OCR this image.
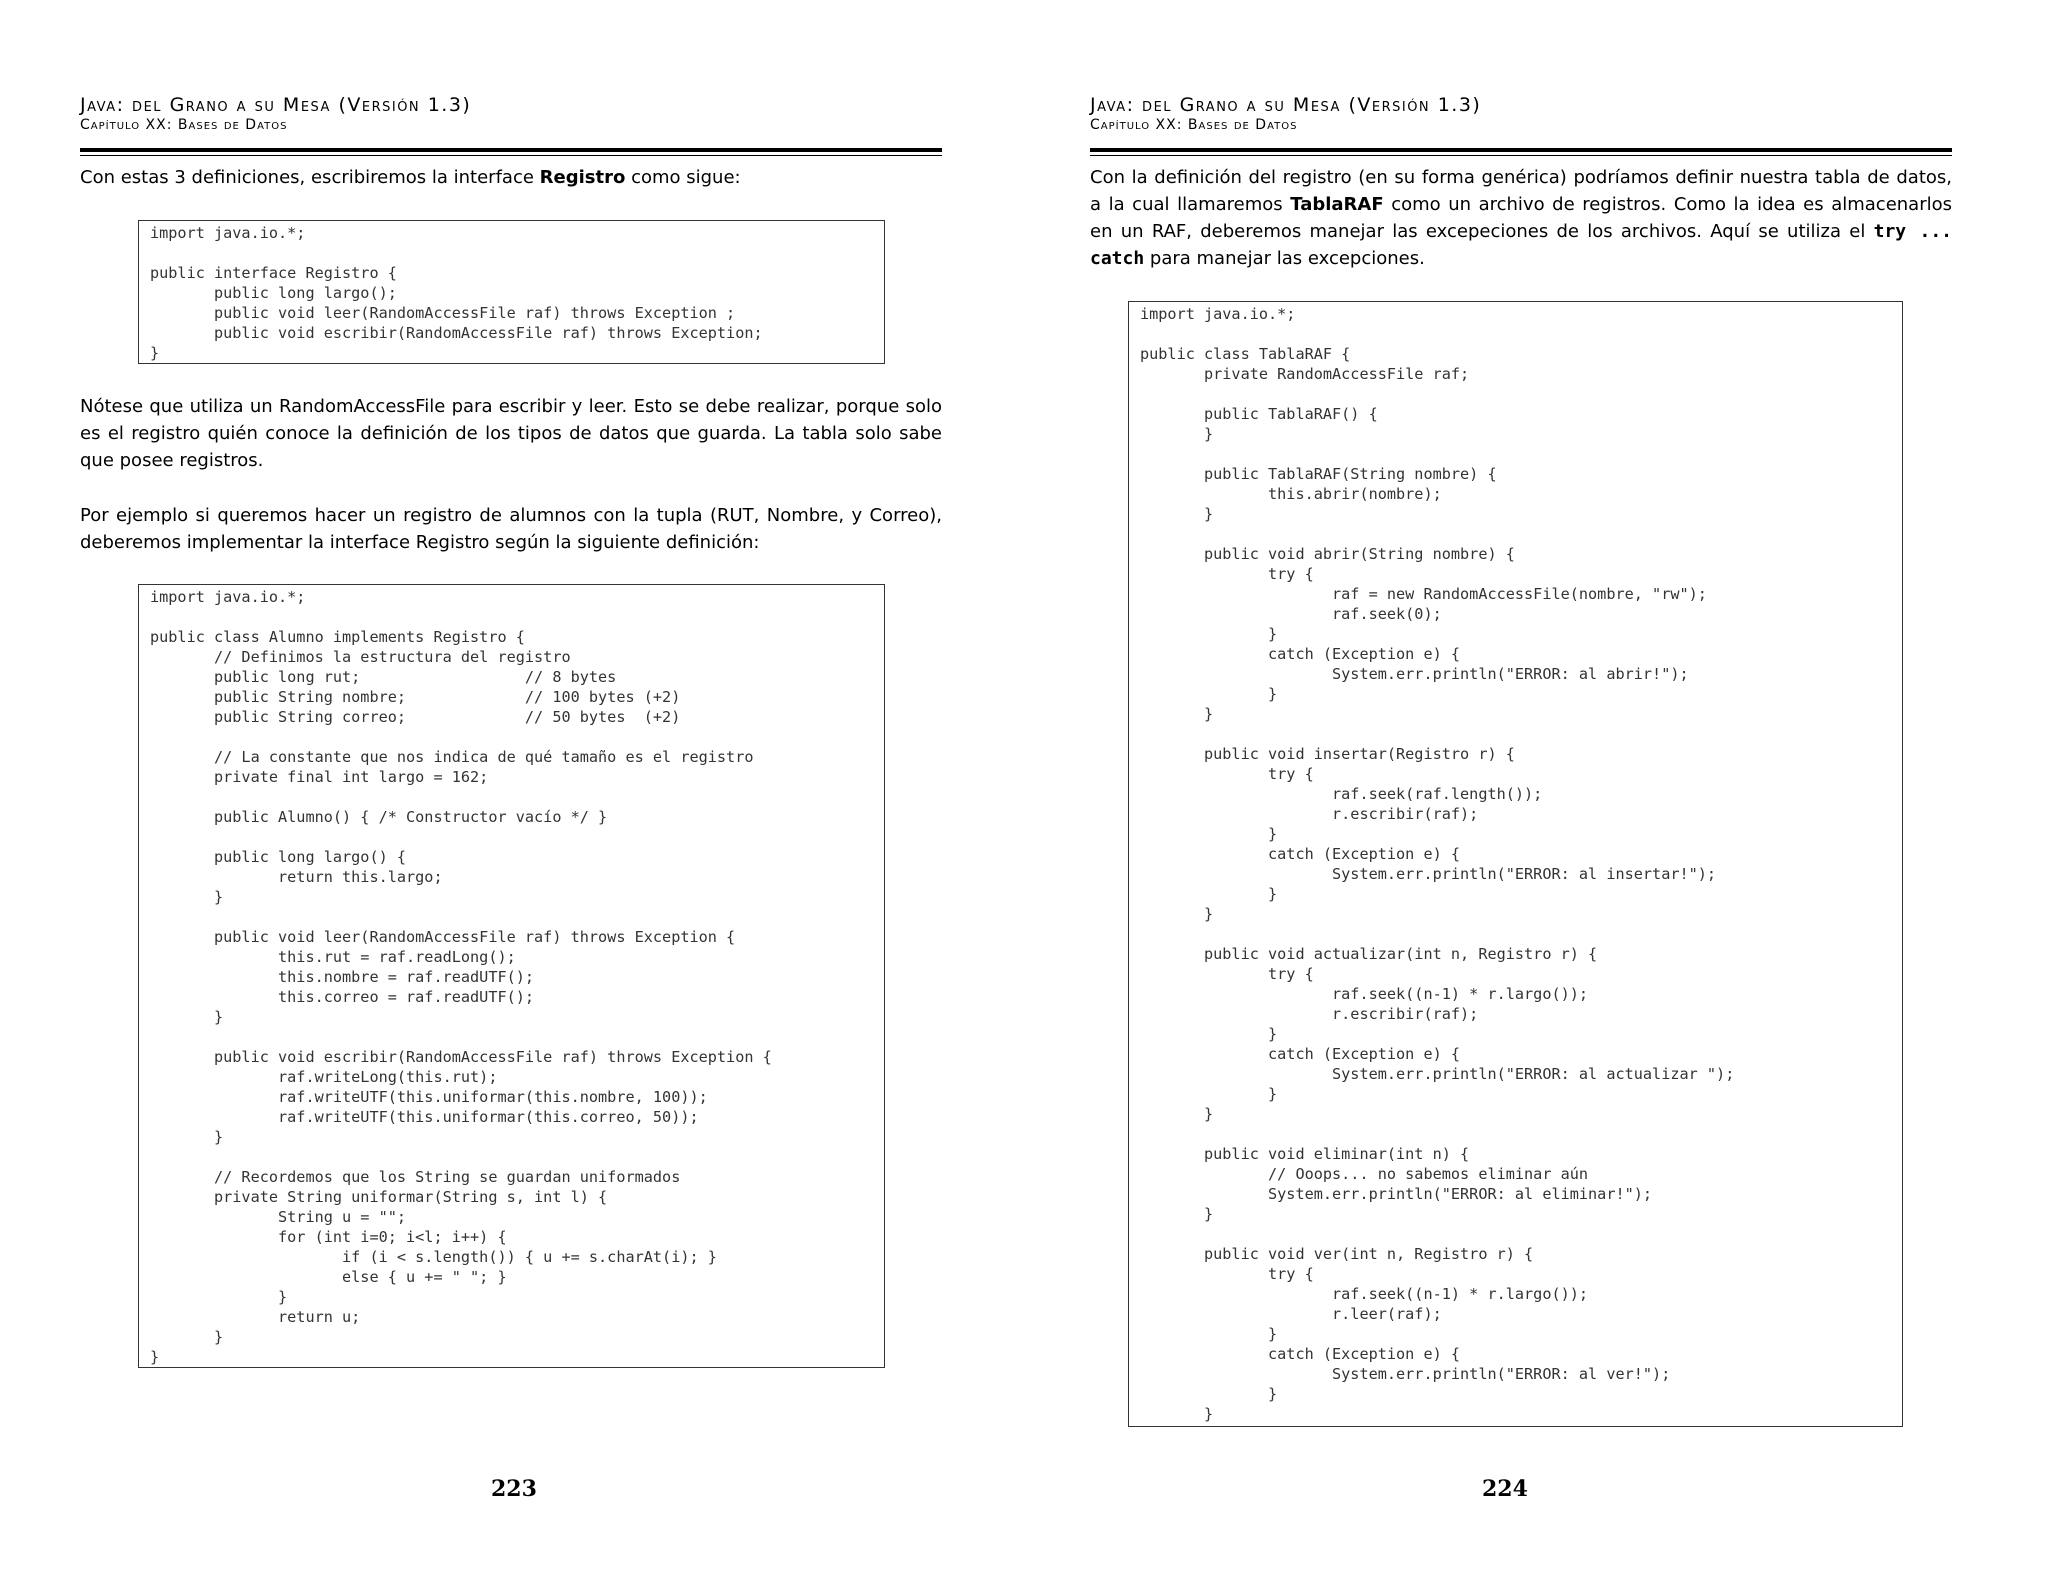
Java: del Grano a su Mesa (Versión 1.3)
Capítulo XX: Bases de Datos
Con estas 3 definiciones, escribiremos la interface Registro como sigue:
import java.io.*;

public interface Registro {
public long largo();
public void leer(RandomAccessFile raf) throws Exception ;
public void escribir(RandomAccessFile raf) throws Exception;
}
Nótese que utiliza un RandomAccessFile para escribir y leer. Esto se debe realizar, porque solo es el registro quién conoce la definición de los tipos de datos que guarda. La tabla solo sabe que posee registros.
Por ejemplo si queremos hacer un registro de alumnos con la tupla (RUT, Nombre, y Correo), deberemos implementar la interface Registro según la siguiente definición:
import java.io.*;

public class Alumno implements Registro {
// Definimos la estructura del registro
public long rut;                  // 8 bytes
public String nombre;             // 100 bytes (+2)
public String correo;             // 50 bytes  (+2)

// La constante que nos indica de qué tamaño es el registro
private final int largo = 162;

public Alumno() { /* Constructor vacío */ }

public long largo() {
return this.largo;
}

public void leer(RandomAccessFile raf) throws Exception {
this.rut = raf.readLong();
this.nombre = raf.readUTF();
this.correo = raf.readUTF();
}

public void escribir(RandomAccessFile raf) throws Exception {
raf.writeLong(this.rut);
raf.writeUTF(this.uniformar(this.nombre, 100));
raf.writeUTF(this.uniformar(this.correo, 50));
}

// Recordemos que los String se guardan uniformados
private String uniformar(String s, int l) {
String u = "";
for (int i=0; i<l; i++) {
if (i < s.length()) { u += s.charAt(i); }
else { u += " "; }
}
return u;
}
}
223
Java: del Grano a su Mesa (Versión 1.3)
Capítulo XX: Bases de Datos
Con la definición del registro (en su forma genérica) podríamos definir nuestra tabla de datos, a la cual llamaremos TablaRAF como un archivo de registros. Como la idea es almacenarlos en un RAF, deberemos manejar las excepeciones de los archivos. Aquí se utiliza el try ... catch para manejar las excepciones.
import java.io.*;

public class TablaRAF {
private RandomAccessFile raf;

public TablaRAF() {
}

public TablaRAF(String nombre) {
this.abrir(nombre);
}

public void abrir(String nombre) {
try {
raf = new RandomAccessFile(nombre, "rw");
raf.seek(0);
}
catch (Exception e) {
System.err.println("ERROR: al abrir!");
}
}

public void insertar(Registro r) {
try {
raf.seek(raf.length());
r.escribir(raf);
}
catch (Exception e) {
System.err.println("ERROR: al insertar!");
}
}

public void actualizar(int n, Registro r) {
try {
raf.seek((n-1) * r.largo());
r.escribir(raf);
}
catch (Exception e) {
System.err.println("ERROR: al actualizar ");
}
}

public void eliminar(int n) {
// Ooops... no sabemos eliminar aún
System.err.println("ERROR: al eliminar!");
}

public void ver(int n, Registro r) {
try {
raf.seek((n-1) * r.largo());
r.leer(raf);
}
catch (Exception e) {
System.err.println("ERROR: al ver!");
}
}
224
